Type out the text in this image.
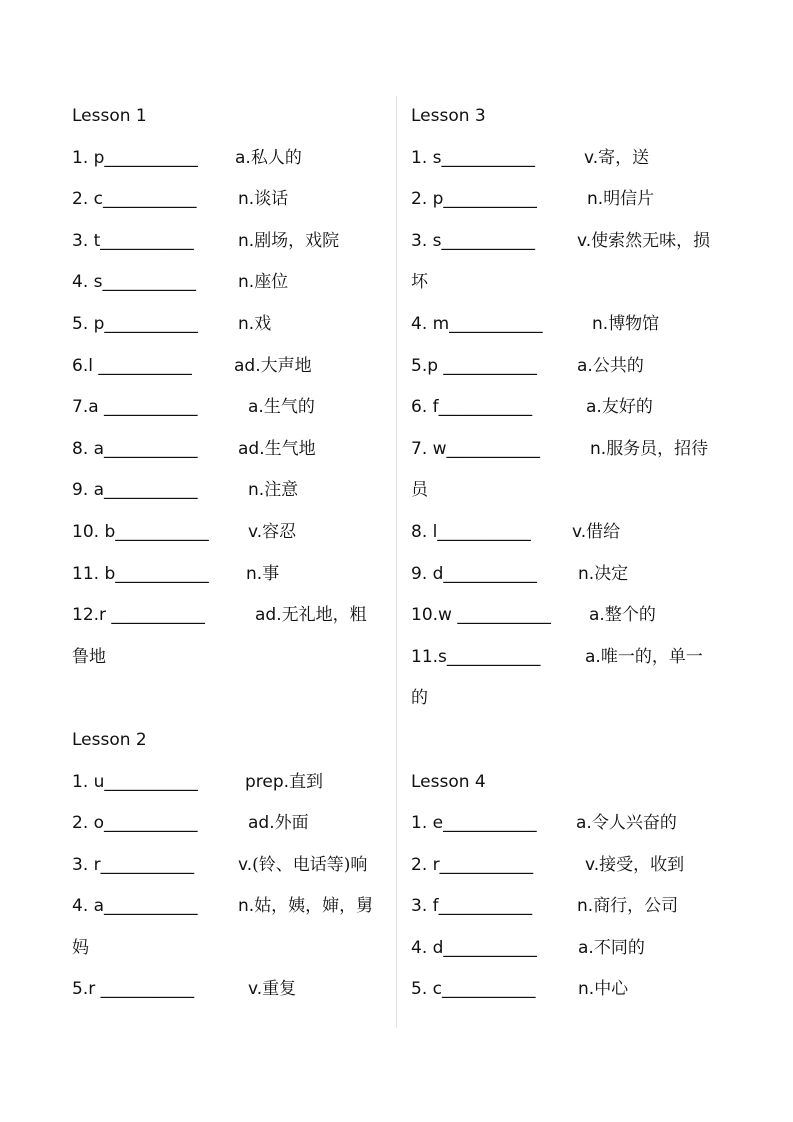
Lesson 1
1. p___________ a.私人的
2. c___________ n.谈话
3. t___________	n.剧场，戏院
4. s___________ n.座位
5. p___________ n.戏
6.l ___________ ad.大声地
7.a ___________	a.生气的
8. a___________ ad.生气地
9. a___________	n.注意
10. b___________ v.容忍
11. b___________ n.事
12.r ___________	ad.无礼地，粗
鲁地
Lesson 2
1. u___________	prep.直到
2. o___________	ad.外面
3. r___________	v.(铃、电话等)响
4. a___________ n.姑，姨，婶，舅
妈
5.r ___________	v.重复
Lesson 3
1. s___________	v.寄，送
2. p___________	n.明信片
3. s___________ v.使索然无味，损
坏
4. m___________	n.博物馆
5.p ___________ a.公共的
6. f___________	a.友好的
7. w___________	n.服务员，招待
员
8. l___________ v.借给
9. d___________ n.决定
10.w ___________ a.整个的
11.s___________	a.唯一的，单一
的
Lesson 4
1. e___________ a.令人兴奋的
2. r___________	v.接受，收到
3. f___________	n.商行，公司
4. d___________ a.不同的
5. c___________	n.中心
